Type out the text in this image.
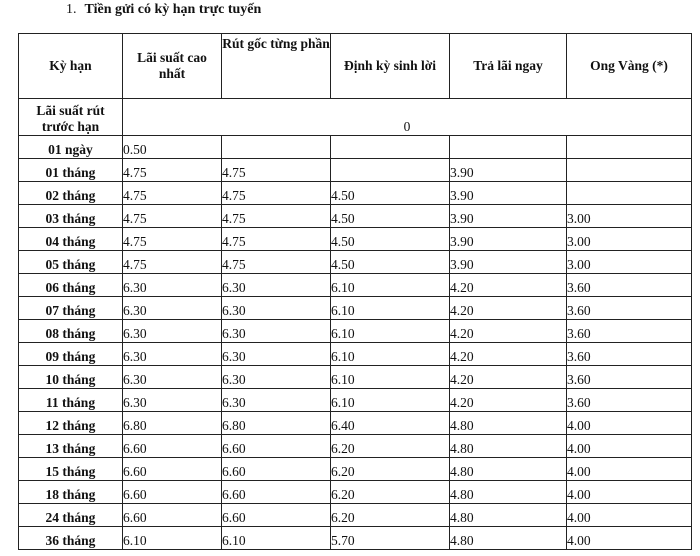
1. Tiền gửi có kỳ hạn trực tuyến
Kỳ hạn	Lãi suất cao nhất	Rút gốc từng phần	Định kỳ sinh lời	Trả lãi ngay	Ong Vàng (*)
Lãi suất rút trước hạn	0				
01 ngày	0.50				
01 tháng	4.75	4.75		3.90	
02 tháng	4.75	4.75	4.50	3.90	
03 tháng	4.75	4.75	4.50	3.90	3.00
04 tháng	4.75	4.75	4.50	3.90	3.00
05 tháng	4.75	4.75	4.50	3.90	3.00
06 tháng	6.30	6.30	6.10	4.20	3.60
07 tháng	6.30	6.30	6.10	4.20	3.60
08 tháng	6.30	6.30	6.10	4.20	3.60
09 tháng	6.30	6.30	6.10	4.20	3.60
10 tháng	6.30	6.30	6.10	4.20	3.60
11 tháng	6.30	6.30	6.10	4.20	3.60
12 tháng	6.80	6.80	6.40	4.80	4.00
13 tháng	6.60	6.60	6.20	4.80	4.00
15 tháng	6.60	6.60	6.20	4.80	4.00
18 tháng	6.60	6.60	6.20	4.80	4.00
24 tháng	6.60	6.60	6.20	4.80	4.00
36 tháng	6.10	6.10	5.70	4.80	4.00
